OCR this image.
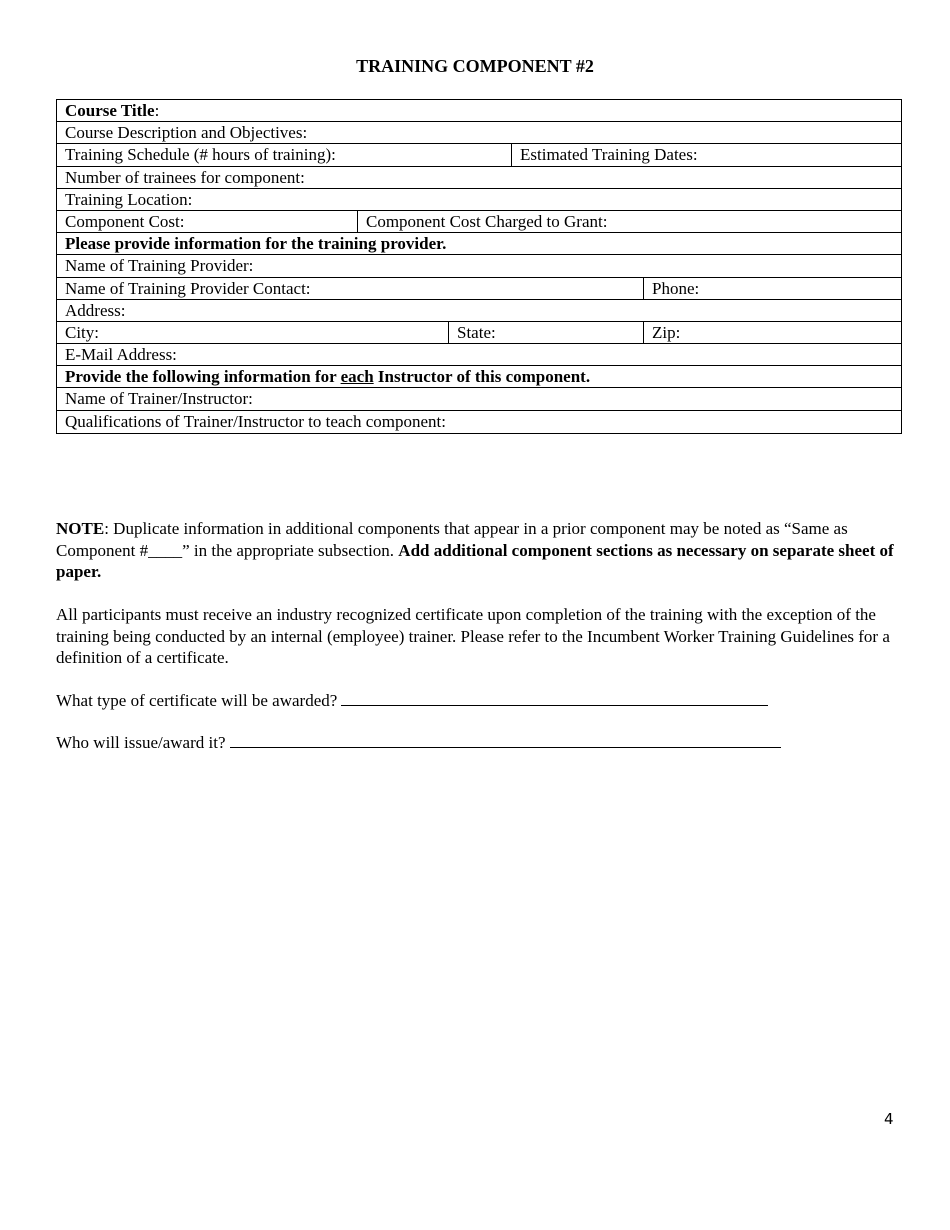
TRAINING COMPONENT #2
Course Title:
Course Description and Objectives:
Training Schedule (# hours of training):	Estimated Training Dates:
Number of trainees for component:
Training Location:
Component Cost:	Component Cost Charged to Grant:
Please provide information for the training provider.
Name of Training Provider:
Name of Training Provider Contact:	Phone:
Address:
City:	State:	Zip:
E-Mail Address:
Provide the following information for each Instructor of this component.
Name of Trainer/Instructor:
Qualifications of Trainer/Instructor to teach component:
NOTE: Duplicate information in additional components that appear in a prior component may be noted as “Same as Component #____” in the appropriate subsection. Add additional component sections as necessary on separate sheet of paper.
All participants must receive an industry recognized certificate upon completion of the training with the exception of the training being conducted by an internal (employee) trainer. Please refer to the Incumbent Worker Training Guidelines for a definition of a certificate.
What type of certificate will be awarded?
Who will issue/award it?
4
